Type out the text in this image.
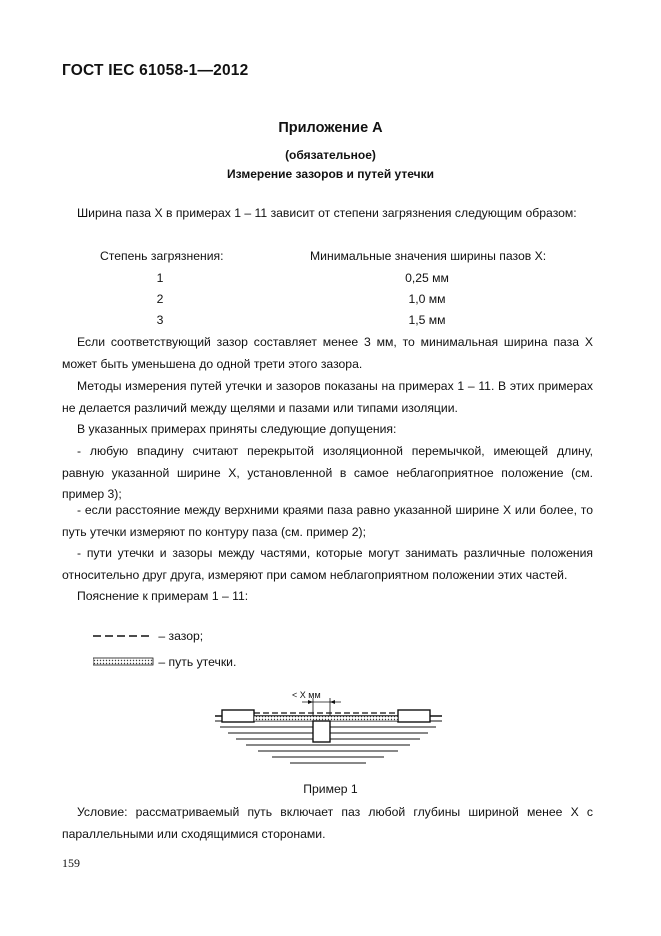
ГОСТ IEC 61058-1—2012
Приложение А
(обязательное)
Измерение зазоров и путей утечки
Ширина паза X в примерах 1 – 11 зависит от степени загрязнения следующим образом:
Степень загрязнения:	Минимальные значения ширины пазов X:
1	0,25 мм
2	1,0 мм
3	1,5 мм
Если соответствующий зазор составляет менее 3 мм, то минимальная ширина паза X может быть уменьшена до одной трети этого зазора.
Методы измерения путей утечки и зазоров показаны на примерах 1 – 11. В этих примерах не делается различий между щелями и пазами или типами изоляции.
В указанных примерах приняты следующие допущения:
- любую впадину считают перекрытой изоляционной перемычкой, имеющей длину, равную указанной ширине X, установленной в самое неблагоприятное положение (см. пример 3);
- если расстояние между верхними краями паза равно указанной ширине X или более, то путь утечки измеряют по контуру паза (см. пример 2);
- пути утечки и зазоры между частями, которые могут занимать различные положения относительно друг друга, измеряют при самом неблагоприятном положении этих частей.
Пояснение к примерам 1 – 11:
– зазор;
– путь утечки.
< X мм
Пример 1
Условие: рассматриваемый путь включает паз любой глубины шириной менее X с параллельными или сходящимися сторонами.
159
